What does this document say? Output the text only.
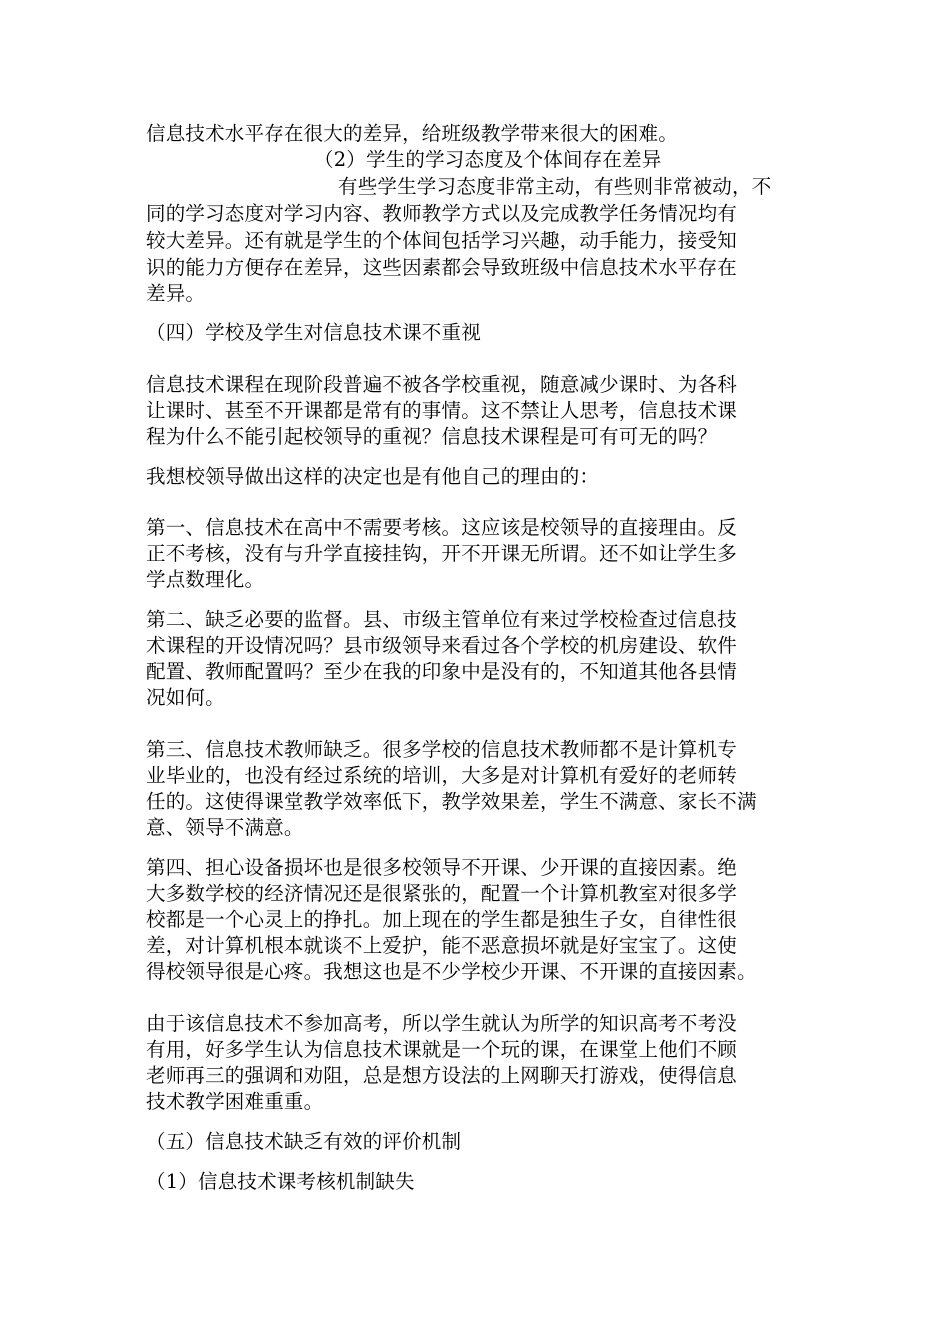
信息技术水平存在很大的差异，给班级教学带来很大的困难。
（2）学生的学习态度及个体间存在差异
有些学生学习态度非常主动，有些则非常被动，不
同的学习态度对学习内容、教师教学方式以及完成教学任务情况均有
较大差异。还有就是学生的个体间包括学习兴趣，动手能力，接受知
识的能力方便存在差异，这些因素都会导致班级中信息技术水平存在
差异。
（四）学校及学生对信息技术课不重视
信息技术课程在现阶段普遍不被各学校重视，随意减少课时、为各科
让课时、甚至不开课都是常有的事情。这不禁让人思考，信息技术课
程为什么不能引起校领导的重视？信息技术课程是可有可无的吗？
我想校领导做出这样的决定也是有他自己的理由的：
第一、信息技术在高中不需要考核。这应该是校领导的直接理由。反
正不考核，没有与升学直接挂钩，开不开课无所谓。还不如让学生多
学点数理化。
第二、缺乏必要的监督。县、市级主管单位有来过学校检查过信息技
术课程的开设情况吗？县市级领导来看过各个学校的机房建设、软件
配置、教师配置吗？至少在我的印象中是没有的，不知道其他各县情
况如何。
第三、信息技术教师缺乏。很多学校的信息技术教师都不是计算机专
业毕业的，也没有经过系统的培训，大多是对计算机有爱好的老师转
任的。这使得课堂教学效率低下，教学效果差，学生不满意、家长不满
意、领导不满意。
第四、担心设备损坏也是很多校领导不开课、少开课的直接因素。绝
大多数学校的经济情况还是很紧张的，配置一个计算机教室对很多学
校都是一个心灵上的挣扎。加上现在的学生都是独生子女，自律性很
差，对计算机根本就谈不上爱护，能不恶意损坏就是好宝宝了。这使
得校领导很是心疼。我想这也是不少学校少开课、不开课的直接因素。
由于该信息技术不参加高考，所以学生就认为所学的知识高考不考没
有用，好多学生认为信息技术课就是一个玩的课，在课堂上他们不顾
老师再三的强调和劝阻，总是想方设法的上网聊天打游戏，使得信息
技术教学困难重重。
（五）信息技术缺乏有效的评价机制
（1）信息技术课考核机制缺失
